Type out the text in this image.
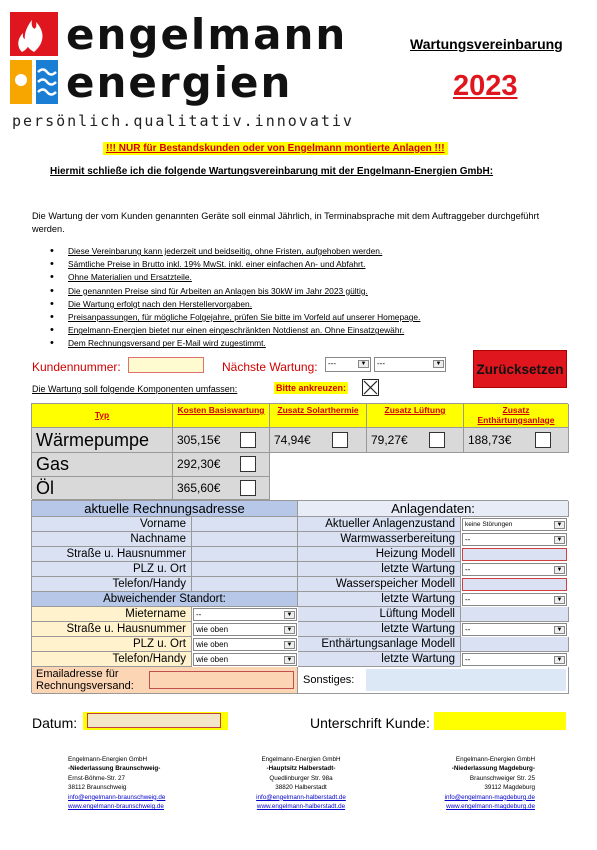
engelmann
energien
persönlich.qualitativ.innovativ
Wartungsvereinbarung
2023
!!! NUR für Bestandskunden oder von Engelmann montierte Anlagen !!!
Hiermit schließe ich die folgende Wartungsvereinbarung mit der Engelmann-Energien GmbH:
Die Wartung der vom Kunden genannten Geräte soll einmal Jährlich, in Terminabsprache mit dem Auftraggeber durchgeführt werden.
• Diese Vereinbarung kann jederzeit und beidseitig, ohne Fristen, aufgehoben werden.
• Sämtliche Preise in Brutto inkl. 19% MwSt. inkl. einer einfachen An- und Abfahrt.
• Ohne Materialien und Ersatzteile.
• Die genannten Preise sind für Arbeiten an Anlagen bis 30kW im Jahr 2023 gültig.
• Die Wartung erfolgt nach den Herstellervorgaben.
• Preisanpassungen, für mögliche Folgejahre, prüfen Sie bitte im Vorfeld auf unserer Homepage.
• Engelmann-Energien bietet nur einen eingeschränkten Notdienst an. Ohne Einsatzgewähr.
• Dem Rechnungsversand per E-Mail wird zugestimmt.
Kundennummer:	Nächste Wartung:	---	▼	---	▼	Zurücksetzen
Die Wartung soll folgende Komponenten umfassen:	Bitte ankreuzen:
Typ	Kosten Basiswartung	Zusatz Solarthermie	Zusatz Lüftung	Zusatz Enthärtungsanlage
Wärmepumpe	305,15€	74,94€	79,27€	188,73€
Gas	292,30€
Öl	365,60€
aktuelle Rechnungsadresse
Vorname
Nachname
Straße u. Hausnummer
PLZ u. Ort
Telefon/Handy
Abweichender Standort:
Mietername	--	▼
Straße u. Hausnummer	wie oben	▼
PLZ u. Ort	wie oben	▼
Telefon/Handy	wie oben	▼
Emailadresse für Rechnungsversand:
Anlagendaten:
Aktueller Anlagenzustand	keine Störungen	▼
Warmwasserbereitung	--	▼
Heizung Modell
letzte Wartung	--	▼
Wasserspeicher Modell
letzte Wartung	--	▼
Lüftung Modell
letzte Wartung	--	▼
Enthärtungsanlage Modell
letzte Wartung	--	▼
Sonstiges:
Datum:	Unterschrift Kunde:
Engelmann-Energien GmbH
-Niederlassung Braunschweig-
Ernst-Böhme-Str. 27
38112 Braunschweig
info@engelmann-braunschweig.de
www.engelmann-braunschweig.de
Engelmann-Energien GmbH
-Hauptsitz Halberstadt-
Quedlinburger Str. 98a
38820 Halberstadt
info@engelmann-halberstadt.de
www.engelmann-halberstadt.de
Engelmann-Energien GmbH
-Niederlassung Magdeburg-
Braunschweiger Str. 25
39112 Magdeburg
info@engelmann-magdeburg.de
www.engelmann-magdeburg.de
